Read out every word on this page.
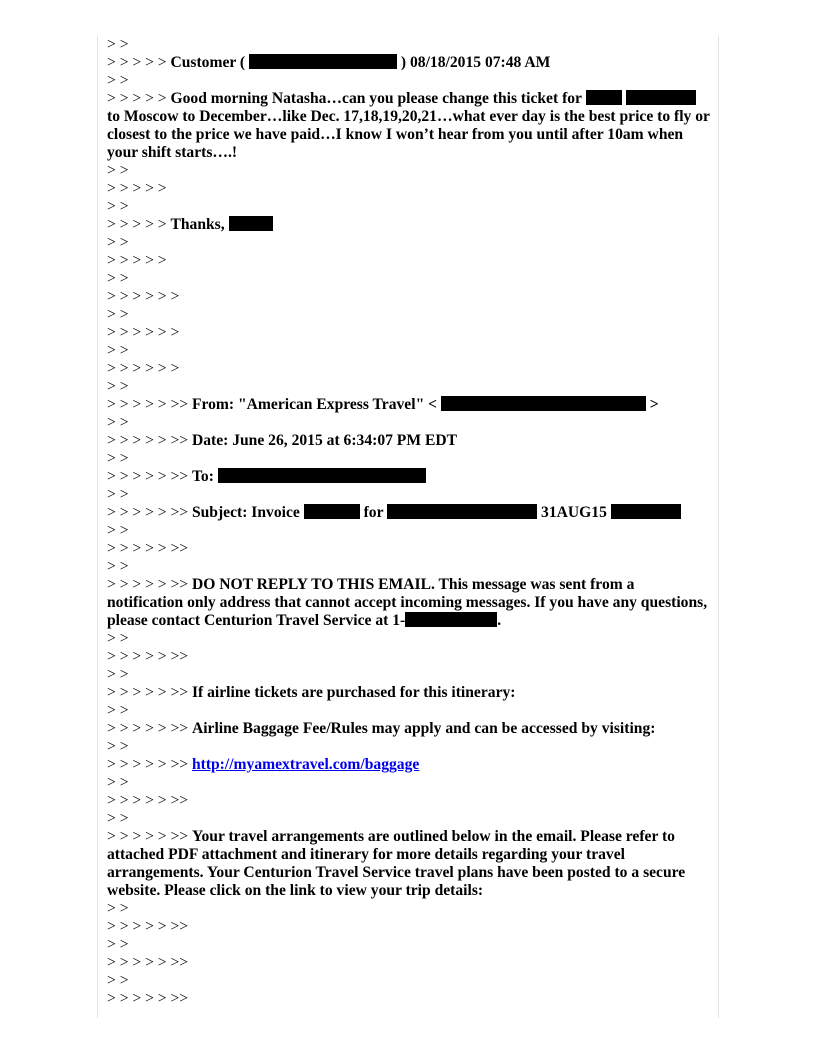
> >
> > > > > Customer (	) 08/18/2015 07:48 AM
> >
> > > > > Good morning Natasha…can you please change this ticket for   to Moscow to December…like Dec. 17,18,19,20,21…what ever day is the best price to fly or closest to the price we have paid…I know I won’t hear from you until after 10am when your shift starts….!
> >
> > > > >
> >
> > > > > Thanks,
> >
> > > > >
> >
> > > > > >
> >
> > > > > >
> >
> > > > > >
> >
> > > > > >> From: "American Express Travel" <	>
> >
> > > > > >> Date: June 26, 2015 at 6:34:07 PM EDT
> >
> > > > > >> To:
> >
> > > > > >> Subject: Invoice	for	31AUG15
> >
> > > > > >>
> >
> > > > > >> DO NOT REPLY TO THIS EMAIL. This message was sent from a notification only address that cannot accept incoming messages. If you have any questions, please contact Centurion Travel Service at 1-	.
> >
> > > > > >>
> >
> > > > > >> If airline tickets are purchased for this itinerary:
> >
> > > > > >> Airline Baggage Fee/Rules may apply and can be accessed by visiting:
> >
> > > > > >> http://myamextravel.com/baggage
> >
> > > > > >>
> >
> > > > > >> Your travel arrangements are outlined below in the email. Please refer to attached PDF attachment and itinerary for more details regarding your travel arrangements. Your Centurion Travel Service travel plans have been posted to a secure website. Please click on the link to view your trip details:
> >
> > > > > >>
> >
> > > > > >>
> >
> > > > > >>
